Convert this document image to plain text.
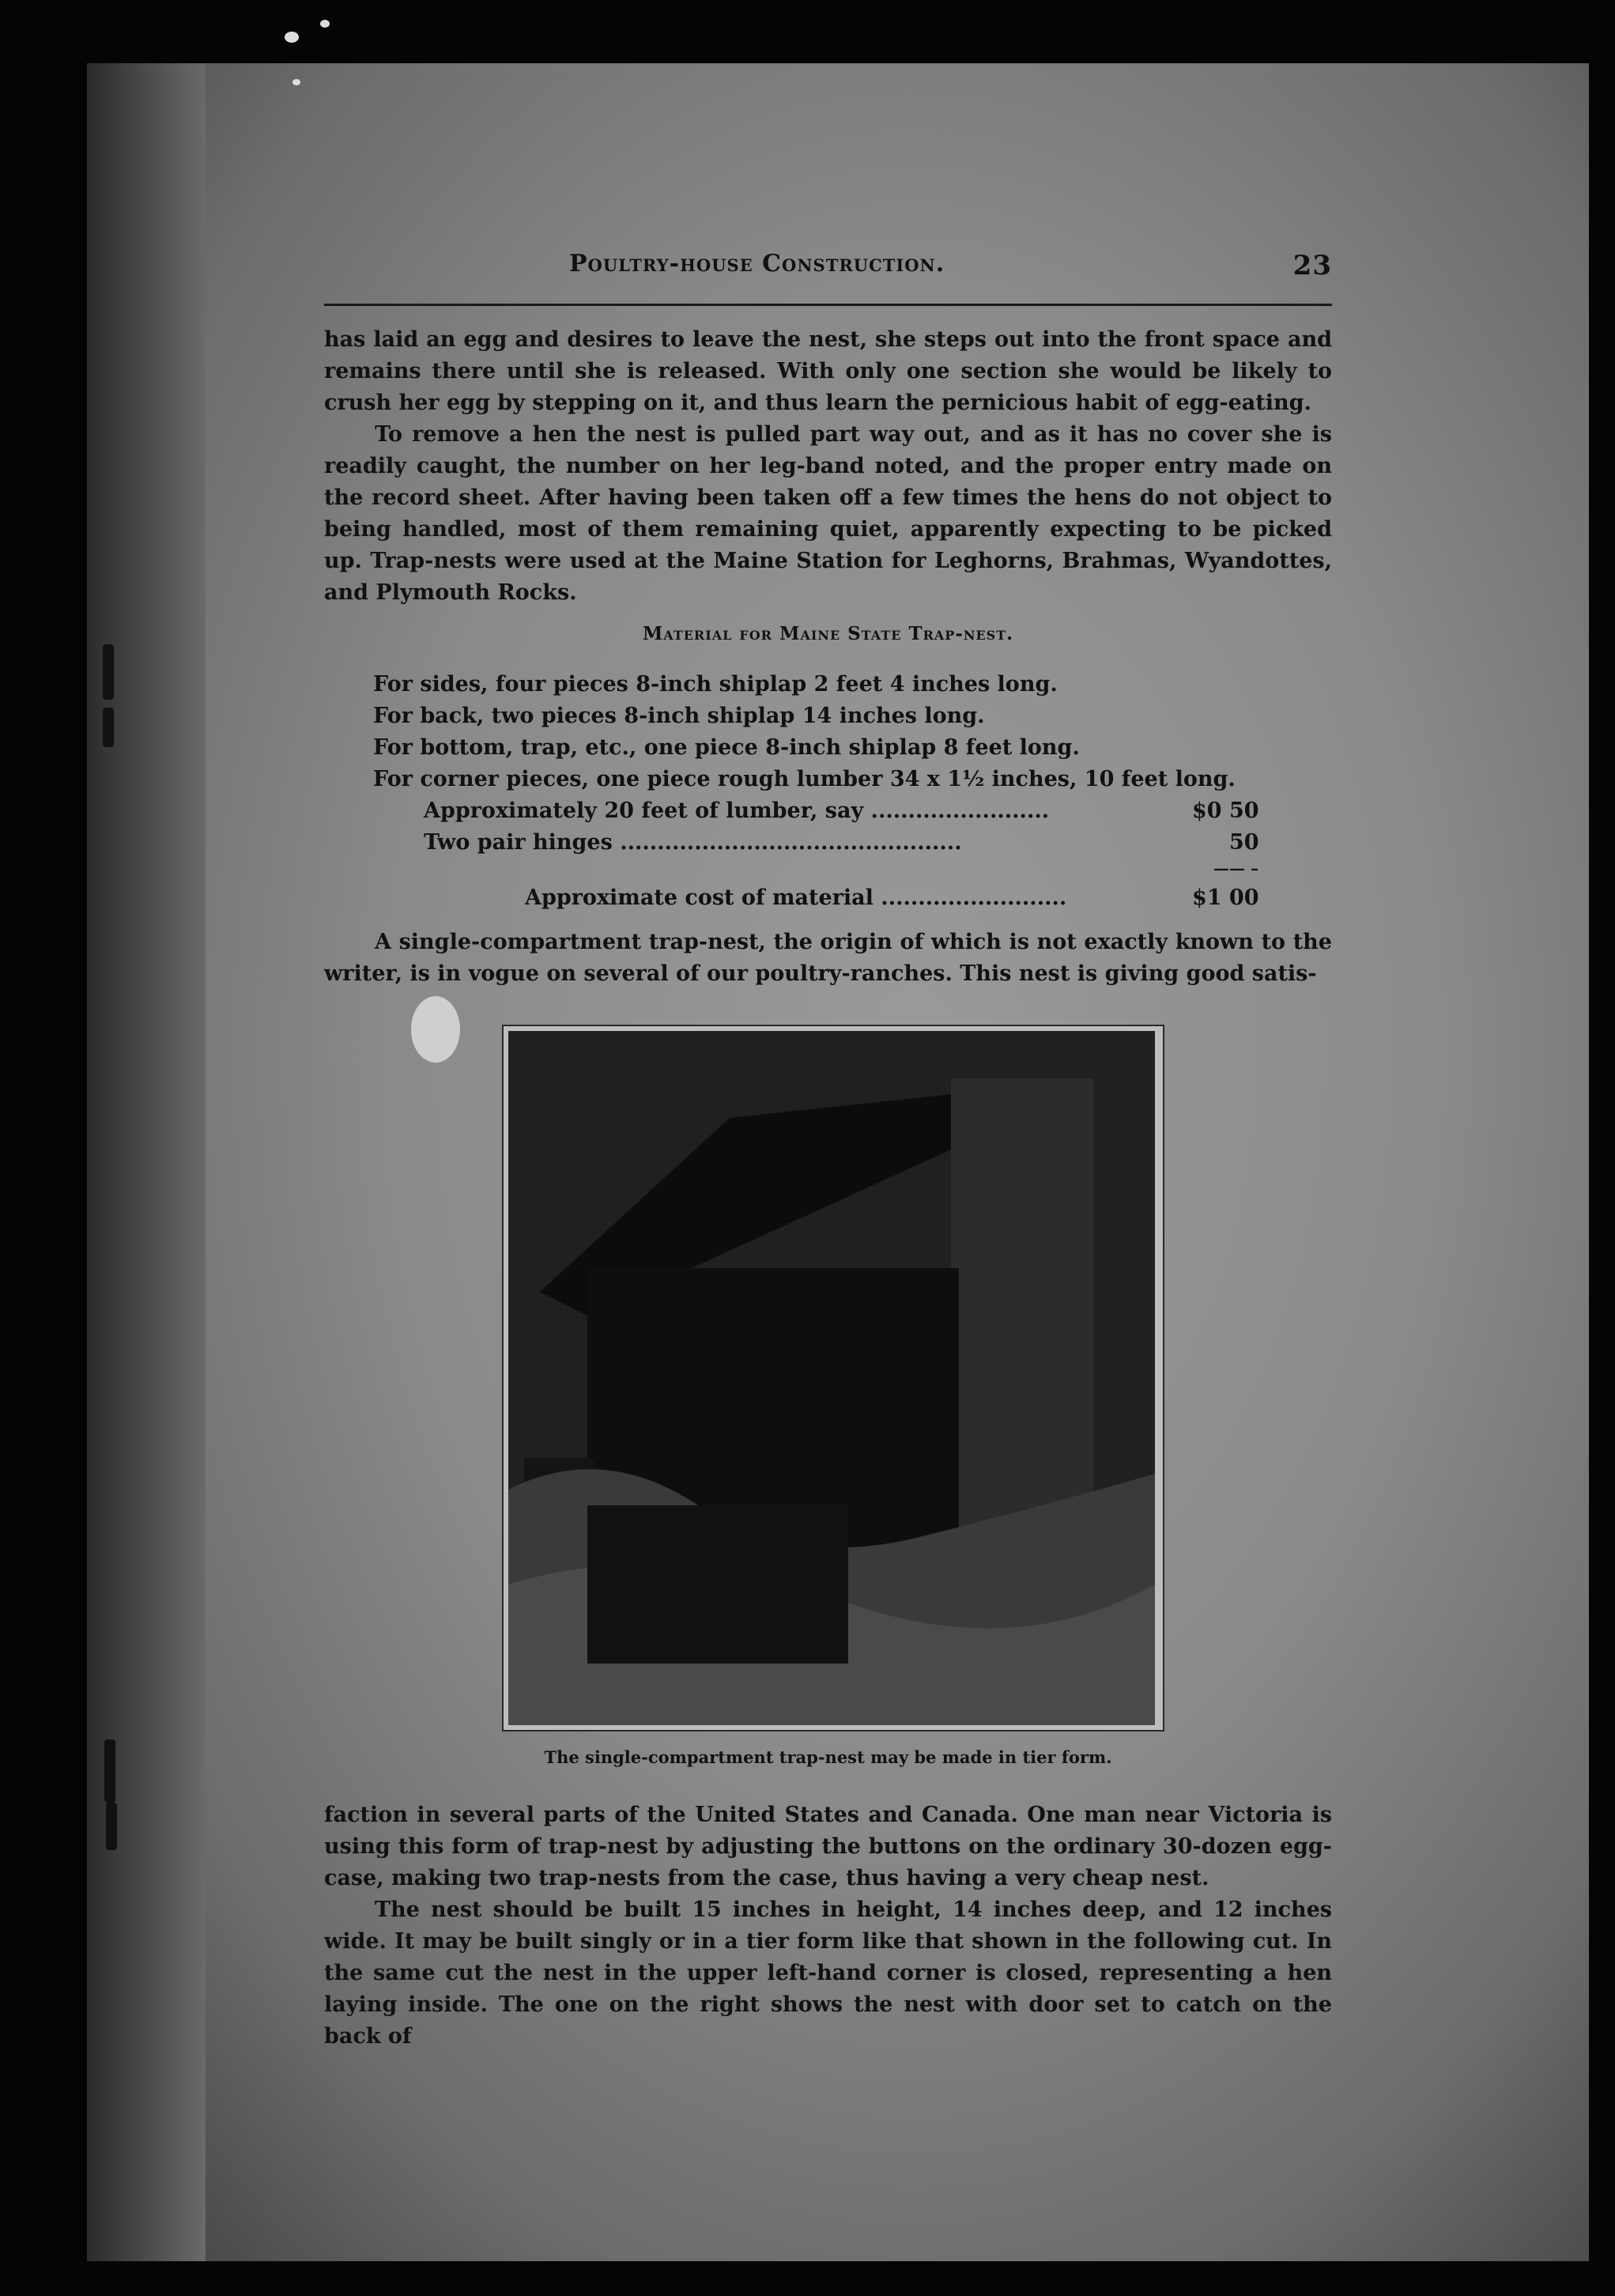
Poultry-house Construction.	23

has laid an egg and desires to leave the nest, she steps out into the front space and remains there until she is released. With only one section she would be likely to crush her egg by stepping on it, and thus learn the pernicious habit of egg-eating.

To remove a hen the nest is pulled part way out, and as it has no cover she is readily caught, the number on her leg-band noted, and the proper entry made on the record sheet. After having been taken off a few times the hens do not object to being handled, most of them remaining quiet, apparently expecting to be picked up. Trap-nests were used at the Maine Station for Leghorns, Brahmas, Wyandottes, and Plymouth Rocks.

Material for Maine State Trap-nest.
For sides, four pieces 8-inch shiplap 2 feet 4 inches long.
For back, two pieces 8-inch shiplap 14 inches long.
For bottom, trap, etc., one piece 8-inch shiplap 8 feet long.
For corner pieces, one piece rough lumber 34 x 1½ inches, 10 feet long.
Approximately 20 feet of lumber, say ........................	$0 50
Two pair hinges ..............................................	50
—— –
Approximate cost of material .........................	$1 00

A single-compartment trap-nest, the origin of which is not exactly known to the writer, is in vogue on several of our poultry-ranches. This nest is giving good satis-

The single-compartment trap-nest may be made in tier form.

faction in several parts of the United States and Canada. One man near Victoria is using this form of trap-nest by adjusting the buttons on the ordinary 30-dozen egg-case, making two trap-nests from the case, thus having a very cheap nest.

The nest should be built 15 inches in height, 14 inches deep, and 12 inches wide. It may be built singly or in a tier form like that shown in the following cut. In the same cut the nest in the upper left-hand corner is closed, representing a hen laying inside. The one on the right shows the nest with door set to catch on the back of
